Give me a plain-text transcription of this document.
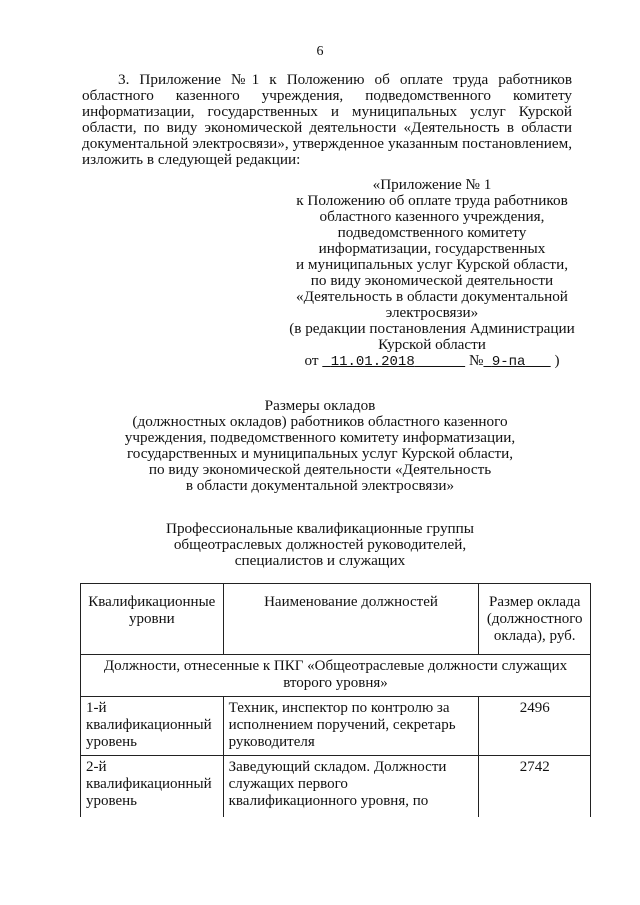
6

3. Приложение №1 к Положению об оплате труда работников областного казенного учреждения, подведомственного комитету информатизации, государственных и муниципальных услуг Курской области, по виду экономической деятельности «Деятельность в области документальной электросвязи», утвержденное указанным постановлением, изложить в следующей редакции:

«Приложение № 1
к Положению об оплате труда работников
областного казенного учреждения,
подведомственного комитету
информатизации, государственных
и муниципальных услуг Курской области,
по виду экономической деятельности
«Деятельность в области документальной
электросвязи»
(в редакции постановления Администрации
Курской области
от 11.01.2018	№ 9-па )
Размеры окладов
(должностных окладов) работников областного казенного
учреждения, подведомственного комитету информатизации,
государственных и муниципальных услуг Курской области,
по виду экономической деятельности «Деятельность
в области документальной электросвязи»
Профессиональные квалификационные группы
общеотраслевых должностей руководителей,
специалистов и служащих
Квалификационные уровни	Наименование должностей	Размер оклада (должностного оклада), руб.
Должности, отнесенные к ПКГ «Общеотраслевые должности служащих второго уровня»		
1-й квалификационный уровень	Техник, инспектор по контролю за исполнением поручений, секретарь руководителя	2496
2-й квалификационный уровень	Заведующий складом. Должности служащих первого квалификационного уровня, по	2742
